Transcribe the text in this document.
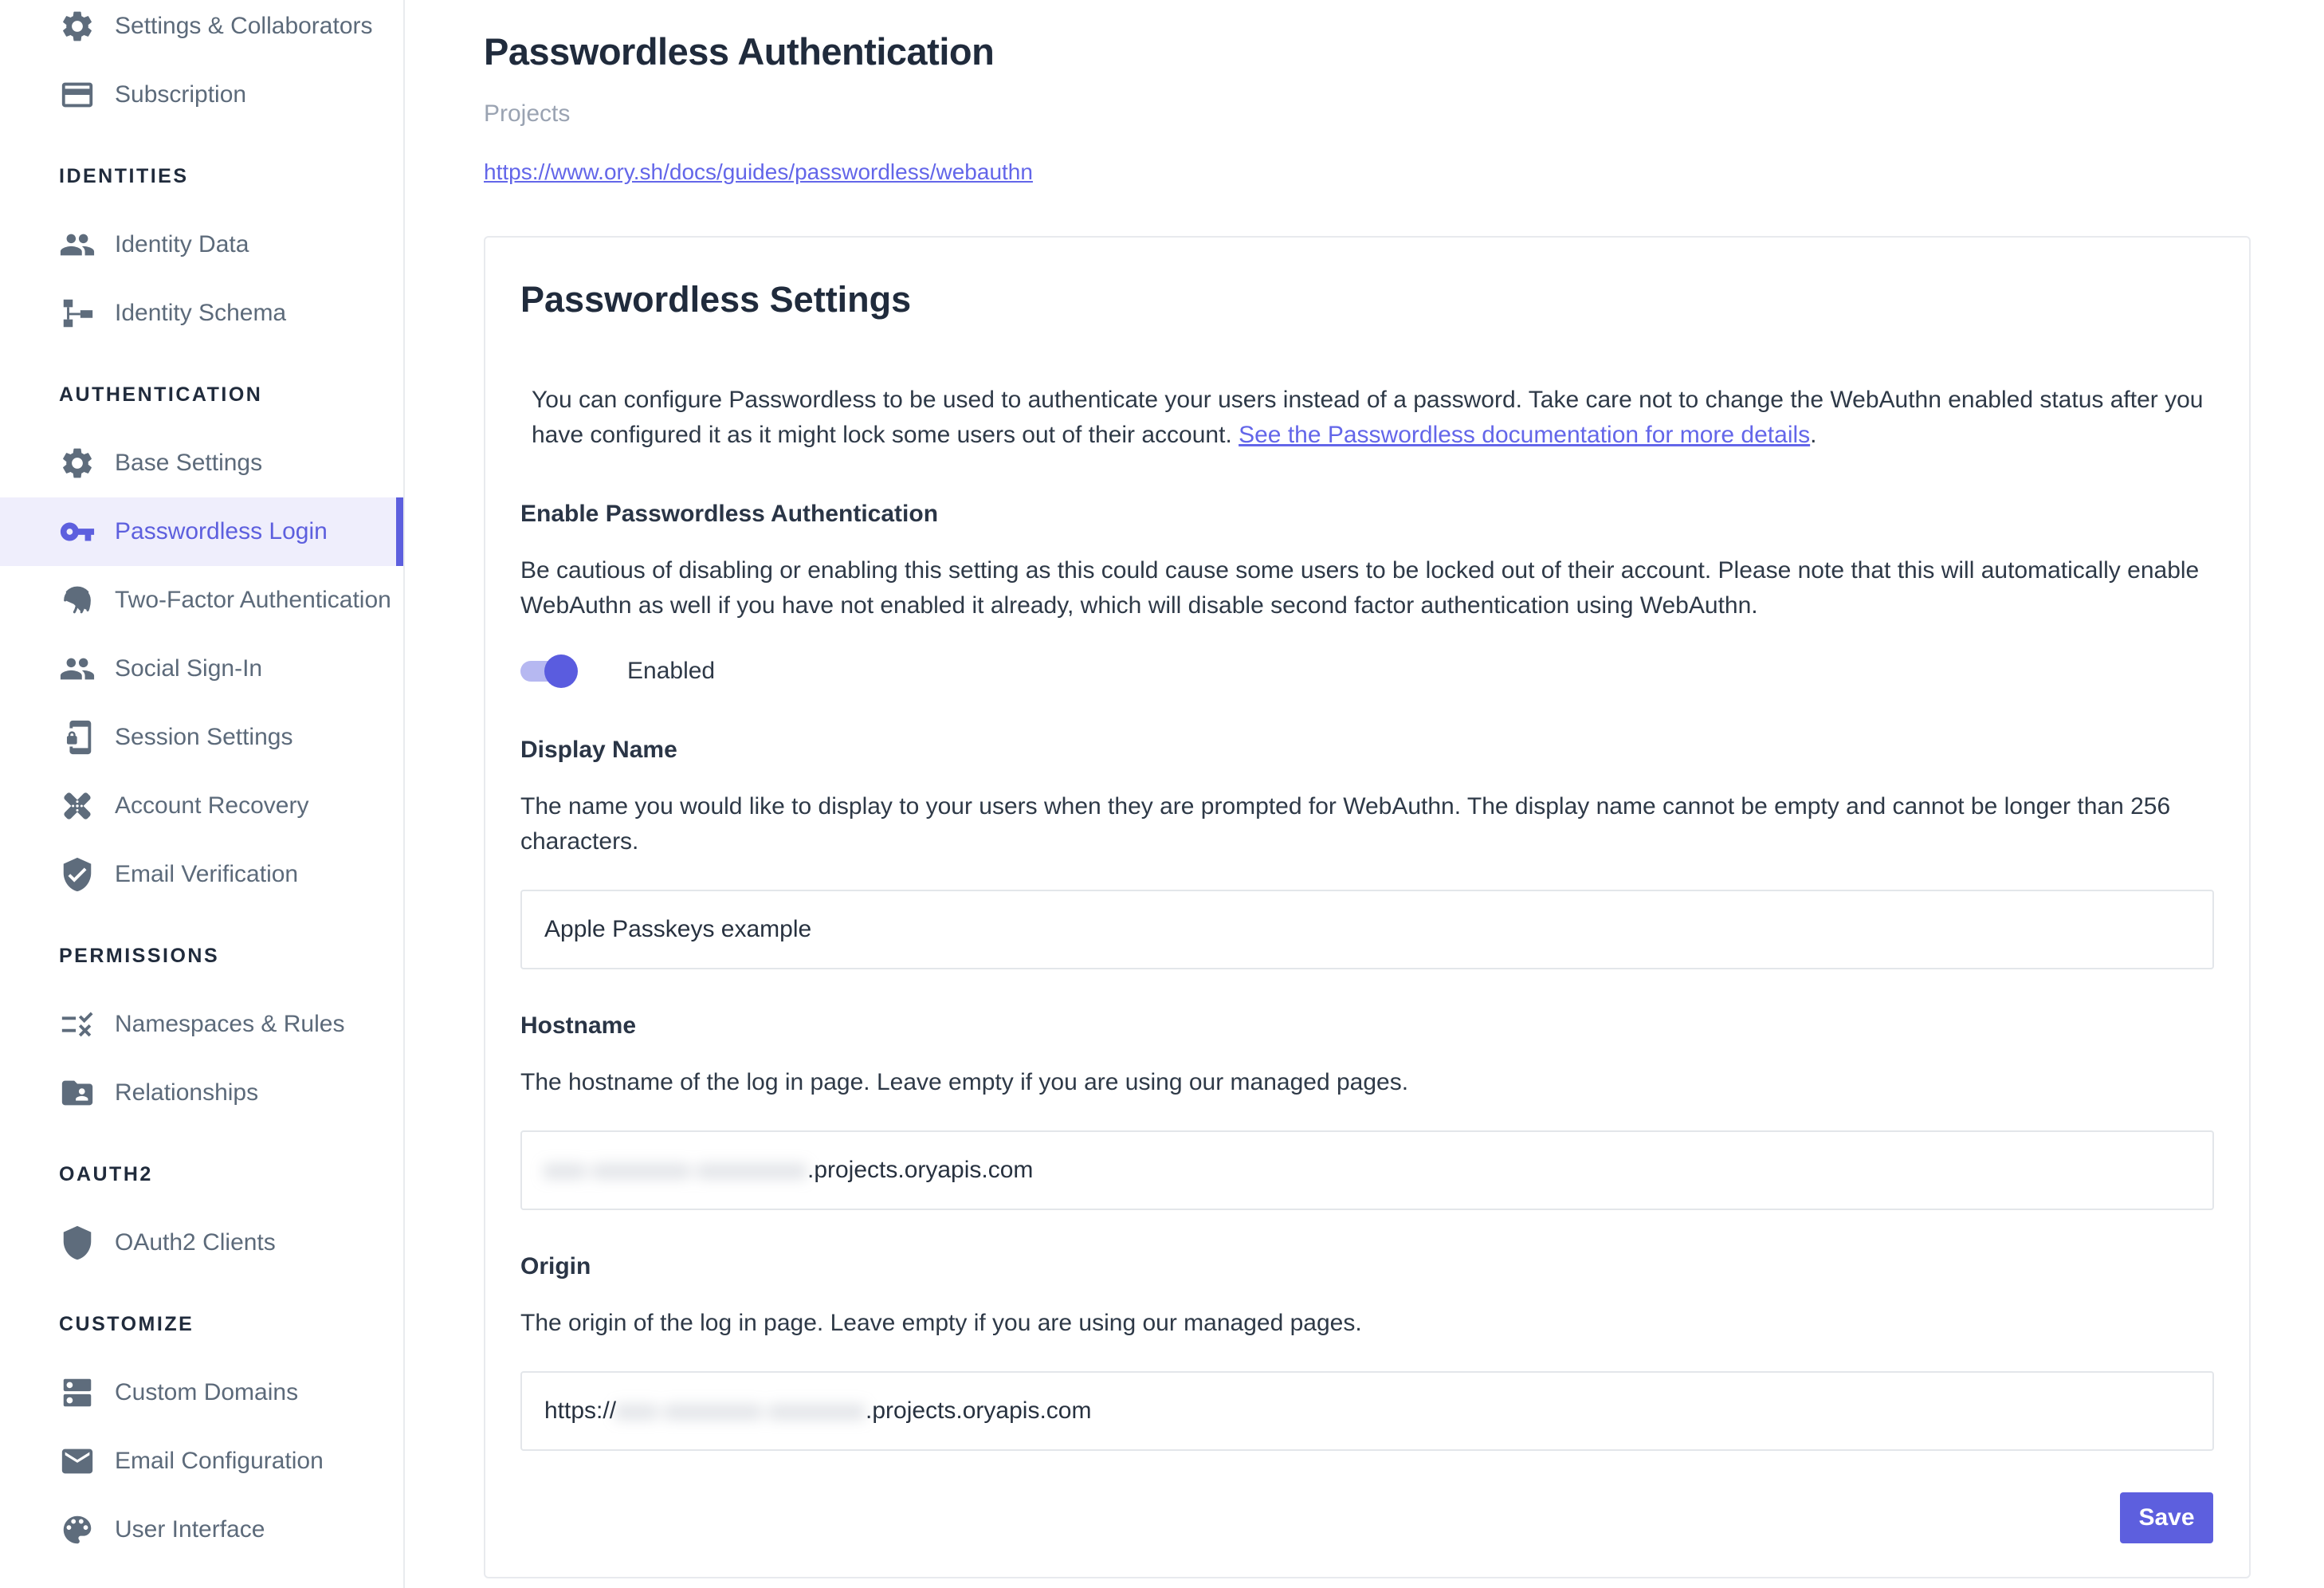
Settings & Collaborators
Subscription
IDENTITIES
Identity Data
Identity Schema
AUTHENTICATION
Base Settings
Passwordless Login
Two-Factor Authentication
Social Sign-In
Session Settings
Account Recovery
Email Verification
PERMISSIONS
Namespaces & Rules
Relationships
OAUTH2
OAuth2 Clients
CUSTOMIZE
Custom Domains
Email Configuration
User Interface
Passwordless Authentication
Projects
https://www.ory.sh/docs/guides/passwordless/webauthn
Passwordless Settings
You can configure Passwordless to be used to authenticate your users instead of a password. Take care not to change the WebAuthn enabled status after you
have configured it as it might lock some users out of their account. See the Passwordless documentation for more details.
Enable Passwordless Authentication
Be cautious of disabling or enabling this setting as this could cause some users to be locked out of their account. Please note that this will automatically enable
WebAuthn as well if you have not enabled it already, which will disable second factor authentication using WebAuthn.
Enabled
Display Name
The name you would like to display to your users when they are prompted for WebAuthn. The display name cannot be empty and cannot be longer than 256
characters.
Apple Passkeys example
Hostname
The hostname of the log in page. Leave empty if you are using our managed pages.
xxx-xxxxxxx-xxxxxxxx .projects.oryapis.com
Origin
The origin of the log in page. Leave empty if you are using our managed pages.
https:// xxx-xxxxxxx-xxxxxxx .projects.oryapis.com
Save
